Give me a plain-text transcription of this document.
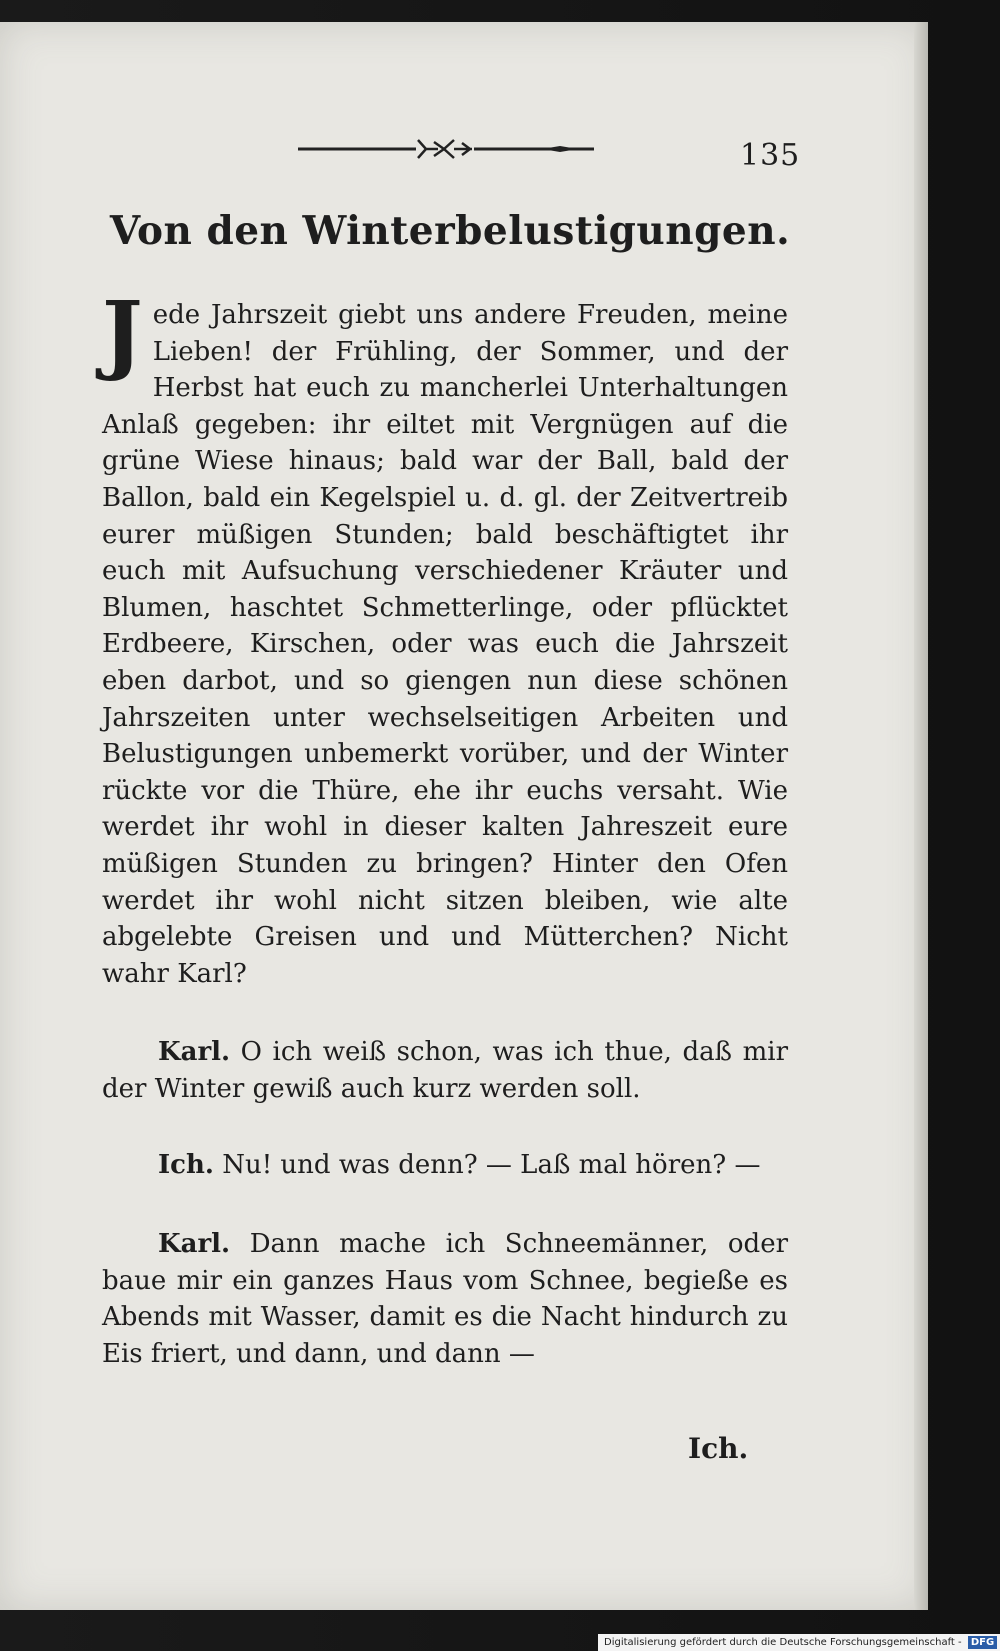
135
Von den Winterbelustigungen.

Jede Jahrszeit giebt uns andere Freuden, meine Lieben! der Frühling, der Sommer, und der Herbst hat euch zu mancherlei Unterhaltungen Anlaß gegeben: ihr eiltet mit Vergnügen auf die grüne Wiese hinaus; bald war der Ball, bald der Ballon, bald ein Kegelspiel u. d. gl. der Zeitvertreib eurer müßigen Stunden; bald beschäftigtet ihr euch mit Aufsuchung verschiedener Kräuter und Blumen, haschtet Schmetterlinge, oder pflücktet Erdbeere, Kirschen, oder was euch die Jahrszeit eben darbot, und so giengen nun diese schönen Jahrszeiten unter wechselseitigen Arbeiten und Belustigungen unbemerkt vorüber, und der Winter rückte vor die Thüre, ehe ihr euchs versaht. Wie werdet ihr wohl in dieser kalten Jahreszeit eure müßigen Stunden zu bringen? Hinter den Ofen werdet ihr wohl nicht sitzen bleiben, wie alte abgelebte Greisen und und Mütterchen? Nicht wahr Karl?

Karl. O ich weiß schon, was ich thue, daß mir der Winter gewiß auch kurz werden soll.

Ich. Nu! und was denn? — Laß mal hören? —

Karl. Dann mache ich Schneemänner, oder baue mir ein ganzes Haus vom Schnee, begieße es Abends mit Wasser, damit es die Nacht hindurch zu Eis friert, und dann, und dann —

Ich.
Digitalisierung gefördert durch die Deutsche Forschungsgemeinschaft - DFG
